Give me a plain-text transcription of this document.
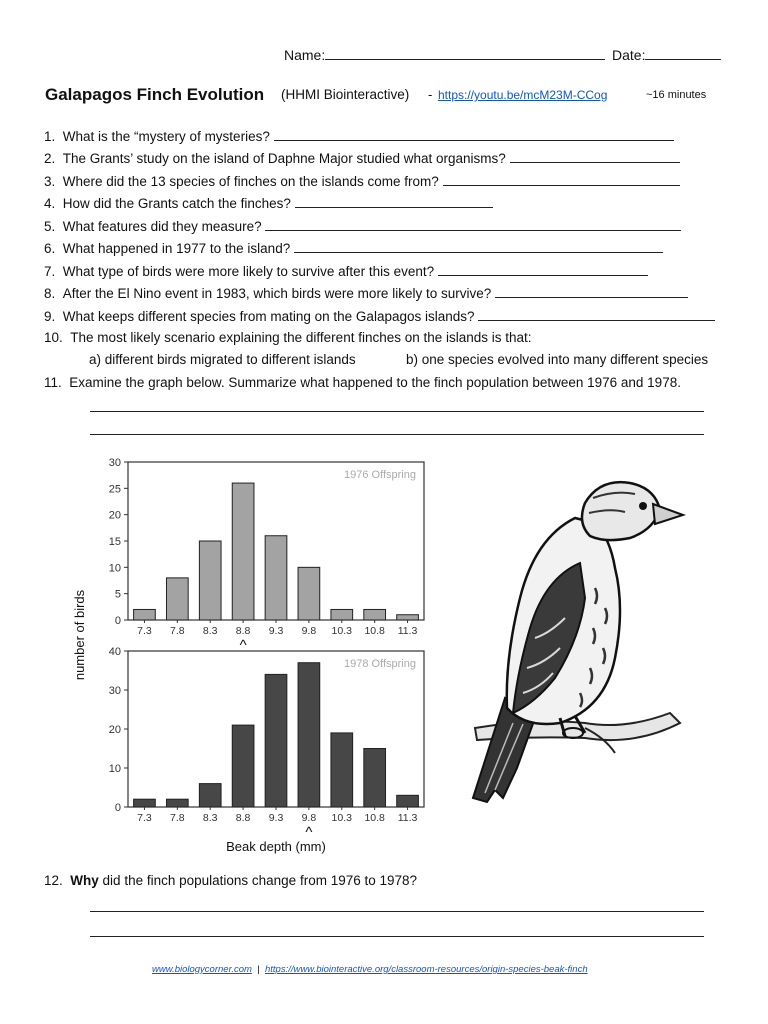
Name:	Date:
Galapagos Finch Evolution (HHMI Biointeractive) - https://youtu.be/mcM23M-CCog	~16 minutes
1. What is the “mystery of mysteries?
2. The Grants’ study on the island of Daphne Major studied what organisms?
3. Where did the 13 species of finches on the islands come from?
4. How did the Grants catch the finches?
5. What features did they measure?
6. What happened in 1977 to the island?
7. What type of birds were more likely to survive after this event?
8. After the El Nino event in 1983, which birds were more likely to survive?
9. What keeps different species from mating on the Galapagos islands?
10. The most likely scenario explaining the different finches on the islands is that:
a) different birds migrated to different islands	b) one species evolved into many different species
11. Examine the graph below. Summarize what happened to the finch population between 1976 and 1978.
0
5
10
15
20
25
30
7.3 7.8 8.3 8.8
^
9.3 9.8 10.3 10.8 11.3
1976 Offspring
number of birds
0
10
20
30
40
7.3 7.8 8.3 8.8 9.3 9.8
^
10.3 10.8 11.3
1978 Offspring
Beak depth (mm)
12. Why did the finch populations change from 1976 to 1978?
www.biologycorner.com | https://www.biointeractive.org/classroom-resources/origin-species-beak-finch
